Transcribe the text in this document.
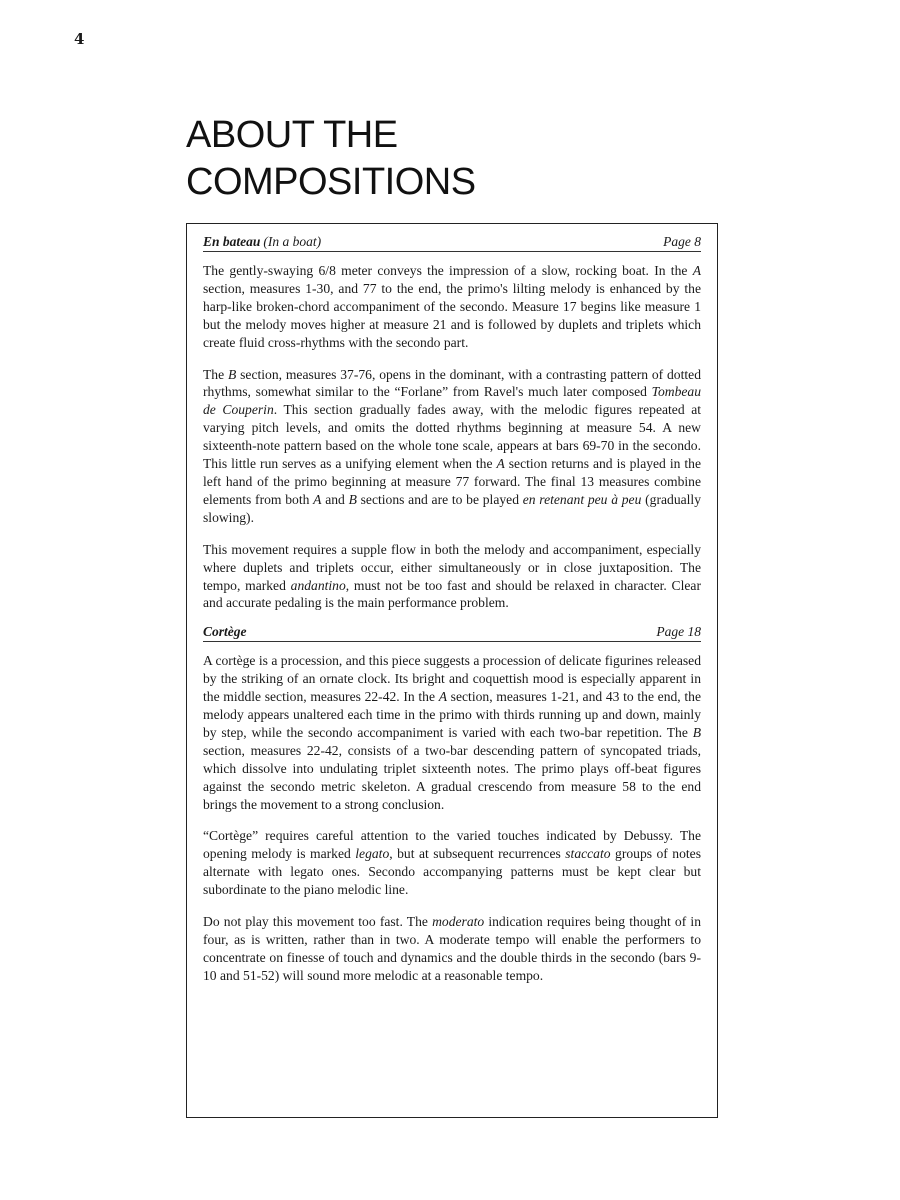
4
ABOUT THE
COMPOSITIONS
En bateau (In a boat)	Page 8

The gently-swaying 6/8 meter conveys the impression of a slow, rocking boat. In the A section, measures 1-30, and 77 to the end, the primo's lilting melody is enhanced by the harp-like broken-chord accompaniment of the secondo. Measure 17 begins like measure 1 but the melody moves higher at measure 21 and is followed by duplets and triplets which create fluid cross-rhythms with the secondo part.

The B section, measures 37-76, opens in the dominant, with a contrasting pattern of dotted rhythms, somewhat similar to the “Forlane” from Ravel's much later composed Tombeau de Couperin. This section gradually fades away, with the melodic figures repeated at varying pitch levels, and omits the dotted rhythms beginning at measure 54. A new sixteenth-note pattern based on the whole tone scale, appears at bars 69-70 in the secondo. This little run serves as a unifying element when the A section returns and is played in the left hand of the primo beginning at measure 77 forward. The final 13 measures combine elements from both A and B sections and are to be played en retenant peu à peu (gradually slowing).

This movement requires a supple flow in both the melody and accompaniment, especially where duplets and triplets occur, either simultaneously or in close juxtaposition. The tempo, marked andantino, must not be too fast and should be relaxed in character. Clear and accurate pedaling is the main performance problem.

Cortège	Page 18

A cortège is a procession, and this piece suggests a procession of delicate figurines released by the striking of an ornate clock. Its bright and coquettish mood is especially apparent in the middle section, measures 22-42. In the A section, measures 1-21, and 43 to the end, the melody appears unaltered each time in the primo with thirds running up and down, mainly by step, while the secondo accompaniment is varied with each two-bar repetition. The B section, measures 22-42, consists of a two-bar descending pattern of syncopated triads, which dissolve into undulating triplet sixteenth notes. The primo plays off-beat figures against the secondo metric skeleton. A gradual crescendo from measure 58 to the end brings the movement to a strong conclusion.

“Cortège” requires careful attention to the varied touches indicated by Debussy. The opening melody is marked legato, but at subsequent recurrences staccato groups of notes alternate with legato ones. Secondo accompanying patterns must be kept clear but subordinate to the piano melodic line.

Do not play this movement too fast. The moderato indication requires being thought of in four, as is written, rather than in two. A moderate tempo will enable the performers to concentrate on finesse of touch and dynamics and the double thirds in the secondo (bars 9-10 and 51-52) will sound more melodic at a reasonable tempo.
